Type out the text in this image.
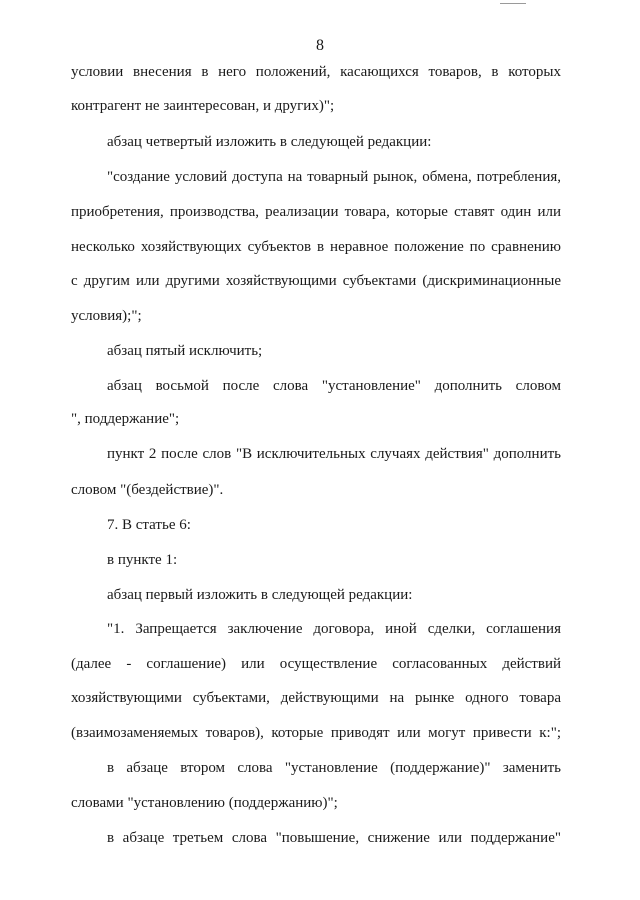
8
условии внесения в него положений, касающихся товаров, в которых
контрагент не заинтересован, и других)";
абзац четвертый изложить в следующей редакции:
"создание условий доступа на товарный рынок, обмена, потребления,
приобретения, производства, реализации товара, которые ставят один или
несколько хозяйствующих субъектов в неравное положение по сравнению
с другим или другими хозяйствующими субъектами (дискриминационные
условия);";
абзац пятый исключить;
абзац восьмой после слова "установление" дополнить словом
", поддержание";
пункт 2 после слов "В исключительных случаях действия" дополнить
словом "(бездействие)".
7. В статье 6:
в пункте 1:
абзац первый изложить в следующей редакции:
"1. Запрещается заключение договора, иной сделки, соглашения
(далее - соглашение) или осуществление согласованных действий
хозяйствующими субъектами, действующими на рынке одного товара
(взаимозаменяемых товаров), которые приводят или могут привести к:";
в абзаце втором слова "установление (поддержание)" заменить
словами "установлению (поддержанию)";
в абзаце третьем слова "повышение, снижение или поддержание"
